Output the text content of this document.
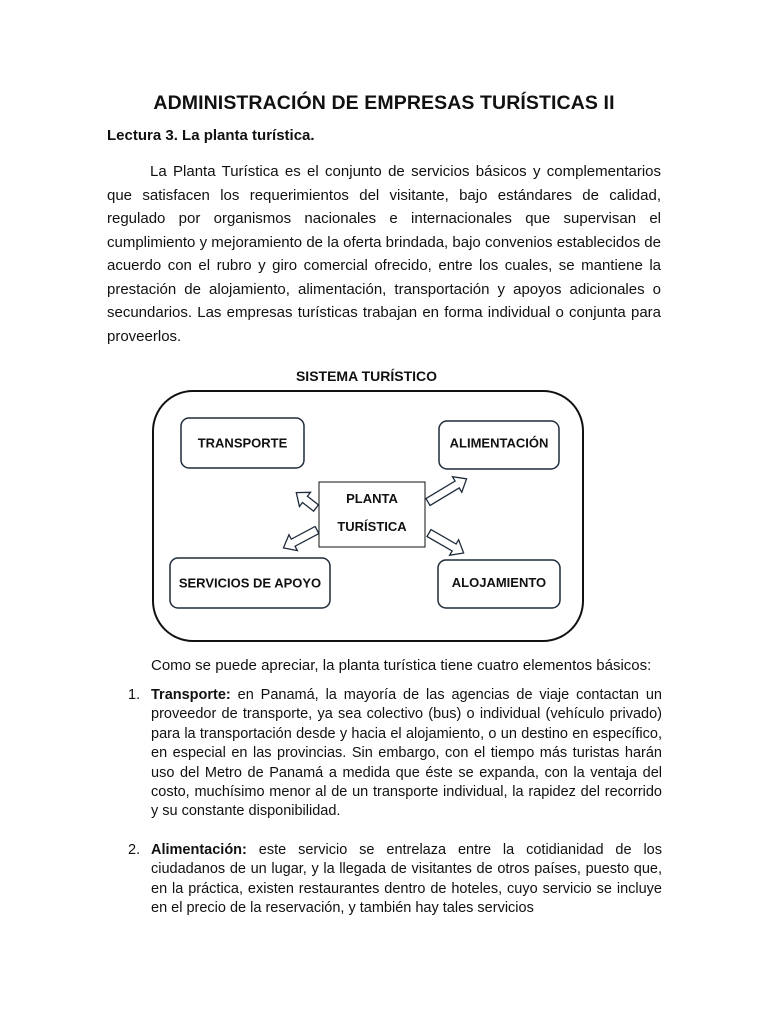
ADMINISTRACIÓN DE EMPRESAS TURÍSTICAS II
Lectura 3. La planta turística.

La Planta Turística es el conjunto de servicios básicos y complementarios que satisfacen los requerimientos del visitante, bajo estándares de calidad, regulado por organismos nacionales e internacionales que supervisan el cumplimiento y mejoramiento de la oferta brindada, bajo convenios establecidos de acuerdo con el rubro y giro comercial ofrecido, entre los cuales, se mantiene la prestación de alojamiento, alimentación, transportación y apoyos adicionales o secundarios. Las empresas turísticas trabajan en forma individual o conjunta para proveerlos.

SISTEMA TURÍSTICO
TRANSPORTE	ALIMENTACIÓN
SERVICIOS DE APOYO	ALOJAMIENTO
PLANTA
TURÍSTICA

Como se puede apreciar, la planta turística tiene cuatro elementos básicos:

1. Transporte: en Panamá, la mayoría de las agencias de viaje contactan un proveedor de transporte, ya sea colectivo (bus) o individual (vehículo privado) para la transportación desde y hacia el alojamiento, o un destino en específico, en especial en las provincias. Sin embargo, con el tiempo más turistas harán uso del Metro de Panamá a medida que éste se expanda, con la ventaja del costo, muchísimo menor al de un transporte individual, la rapidez del recorrido y su constante disponibilidad.
2. Alimentación: este servicio se entrelaza entre la cotidianidad de los ciudadanos de un lugar, y la llegada de visitantes de otros países, puesto que, en la práctica, existen restaurantes dentro de hoteles, cuyo servicio se incluye en el precio de la reservación, y también hay tales servicios
